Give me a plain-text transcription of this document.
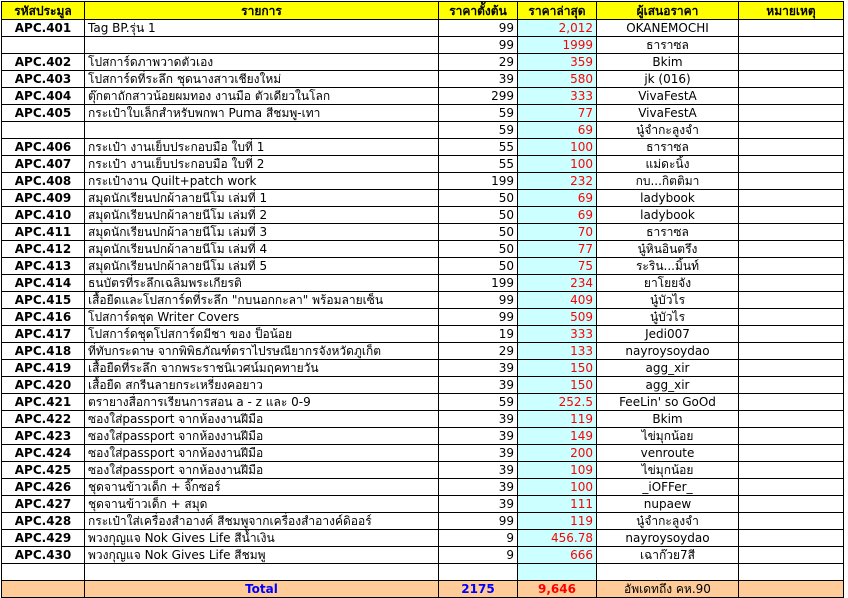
รหัสประมูล	รายการ	ราคาตั้งต้น	ราคาล่าสุด	ผู้เสนอราคา	หมายเหตุ
APC.401	Tag BP.รุ่น 1	99	2,012	OKANEMOCHI	
		99	1999	ธาราซล	
APC.402	โปสการ์ดภาพวาดตัวเอง	29	359	Bkim	
APC.403	โปสการ์ดที่ระลึก ชุดนางสาวเชียงใหม่	39	580	jk (016)	
APC.404	ตุ๊กตาถักสาวน้อยผมทอง งานมือ ตัวเดียวในโลก	299	333	VivaFestA	
APC.405	กระเป๋าใบเล็กสำหรับพกพา Puma สีชมพู-เทา	59	77	VivaFestA	
		59	69	นู๋จำกะลูงจำ	
APC.406	กระเป๋า งานเย็บประกอบมือ ใบที่ 1	55	100	ธาราซล	
APC.407	กระเป๋า งานเย็บประกอบมือ ใบที่ 2	55	100	แม่ดะนิ้ง	
APC.408	กระเป๋างาน Quilt+patch work	199	232	กบ...กิตติมา	
APC.409	สมุดนักเรียนปกผ้าลายนีโม เล่มที่ 1	50	69	ladybook	
APC.410	สมุดนักเรียนปกผ้าลายนีโม เล่มที่ 2	50	69	ladybook	
APC.411	สมุดนักเรียนปกผ้าลายนีโม เล่มที่ 3	50	70	ธาราซล	
APC.412	สมุดนักเรียนปกผ้าลายนีโม เล่มที่ 4	50	77	นู๋หินอินตรึง	
APC.413	สมุดนักเรียนปกผ้าลายนีโม เล่มที่ 5	50	75	ระริน...มิ้นท์	
APC.414	ธนบัตรที่ระลึกเฉลิมพระเกียรติ	199	234	ยาโยยจัง	
APC.415	เสื้อยืดและโปสการ์ดที่ระลึก "กบนอกกะลา" พร้อมลายเซ็น	99	409	นู๋บัวไร	
APC.416	โปสการ์ดชุด Writer Covers	99	509	นู๋บัวไร	
APC.417	โปสการ์ดชุดโปสการ์ดมีชา ของ ป็อน้อย	19	333	Jedi007	
APC.418	ที่ทับกระดาษ จากพิพิธภัณฑ์ตราไปรษณียากรจังหวัดภูเก็ต	29	133	nayroysoydao	
APC.419	เสื้อยืดที่ระลึก จากพระราชนิเวศน์มฤคทายวัน	39	150	agg_xir	
APC.420	เสื้อยืด สกรีนลายกระเหรี่ยงคอยาว	39	150	agg_xir	
APC.421	ตรายางสื่อการเรียนการสอน a - z และ 0-9	59	252.5	FeeLin' so GoOd	
APC.422	ซองใส่passport จากห้องงานฝีมือ	39	119	Bkim	
APC.423	ซองใส่passport จากห้องงานฝีมือ	39	149	ไข่มุกน้อย	
APC.424	ซองใส่passport จากห้องงานฝีมือ	39	200	venroute	
APC.425	ซองใส่passport จากห้องงานฝีมือ	39	109	ไข่มุกน้อย	
APC.426	ชุดจานข้าวเด็ก + จิ๊กซอร์	39	100	_iOFFer_	
APC.427	ชุดจานข้าวเด็ก + สมุด	39	111	nupaew	
APC.428	กระเป๋าใส่เครื่องสำอางค์ สีชมพูจากเครื่องสำอางค์ดิออร์	99	119	นู๋จำกะลูงจำ	
APC.429	พวงกุญแจ Nok Gives Life สีน้ำเงิน	9	456.78	nayroysoydao	
APC.430	พวงกุญแจ Nok Gives Life สีชมพู	9	666	เฉาก๊วย7สี	

	Total	2175	9,646	อัพเดทถึง คห.90	
